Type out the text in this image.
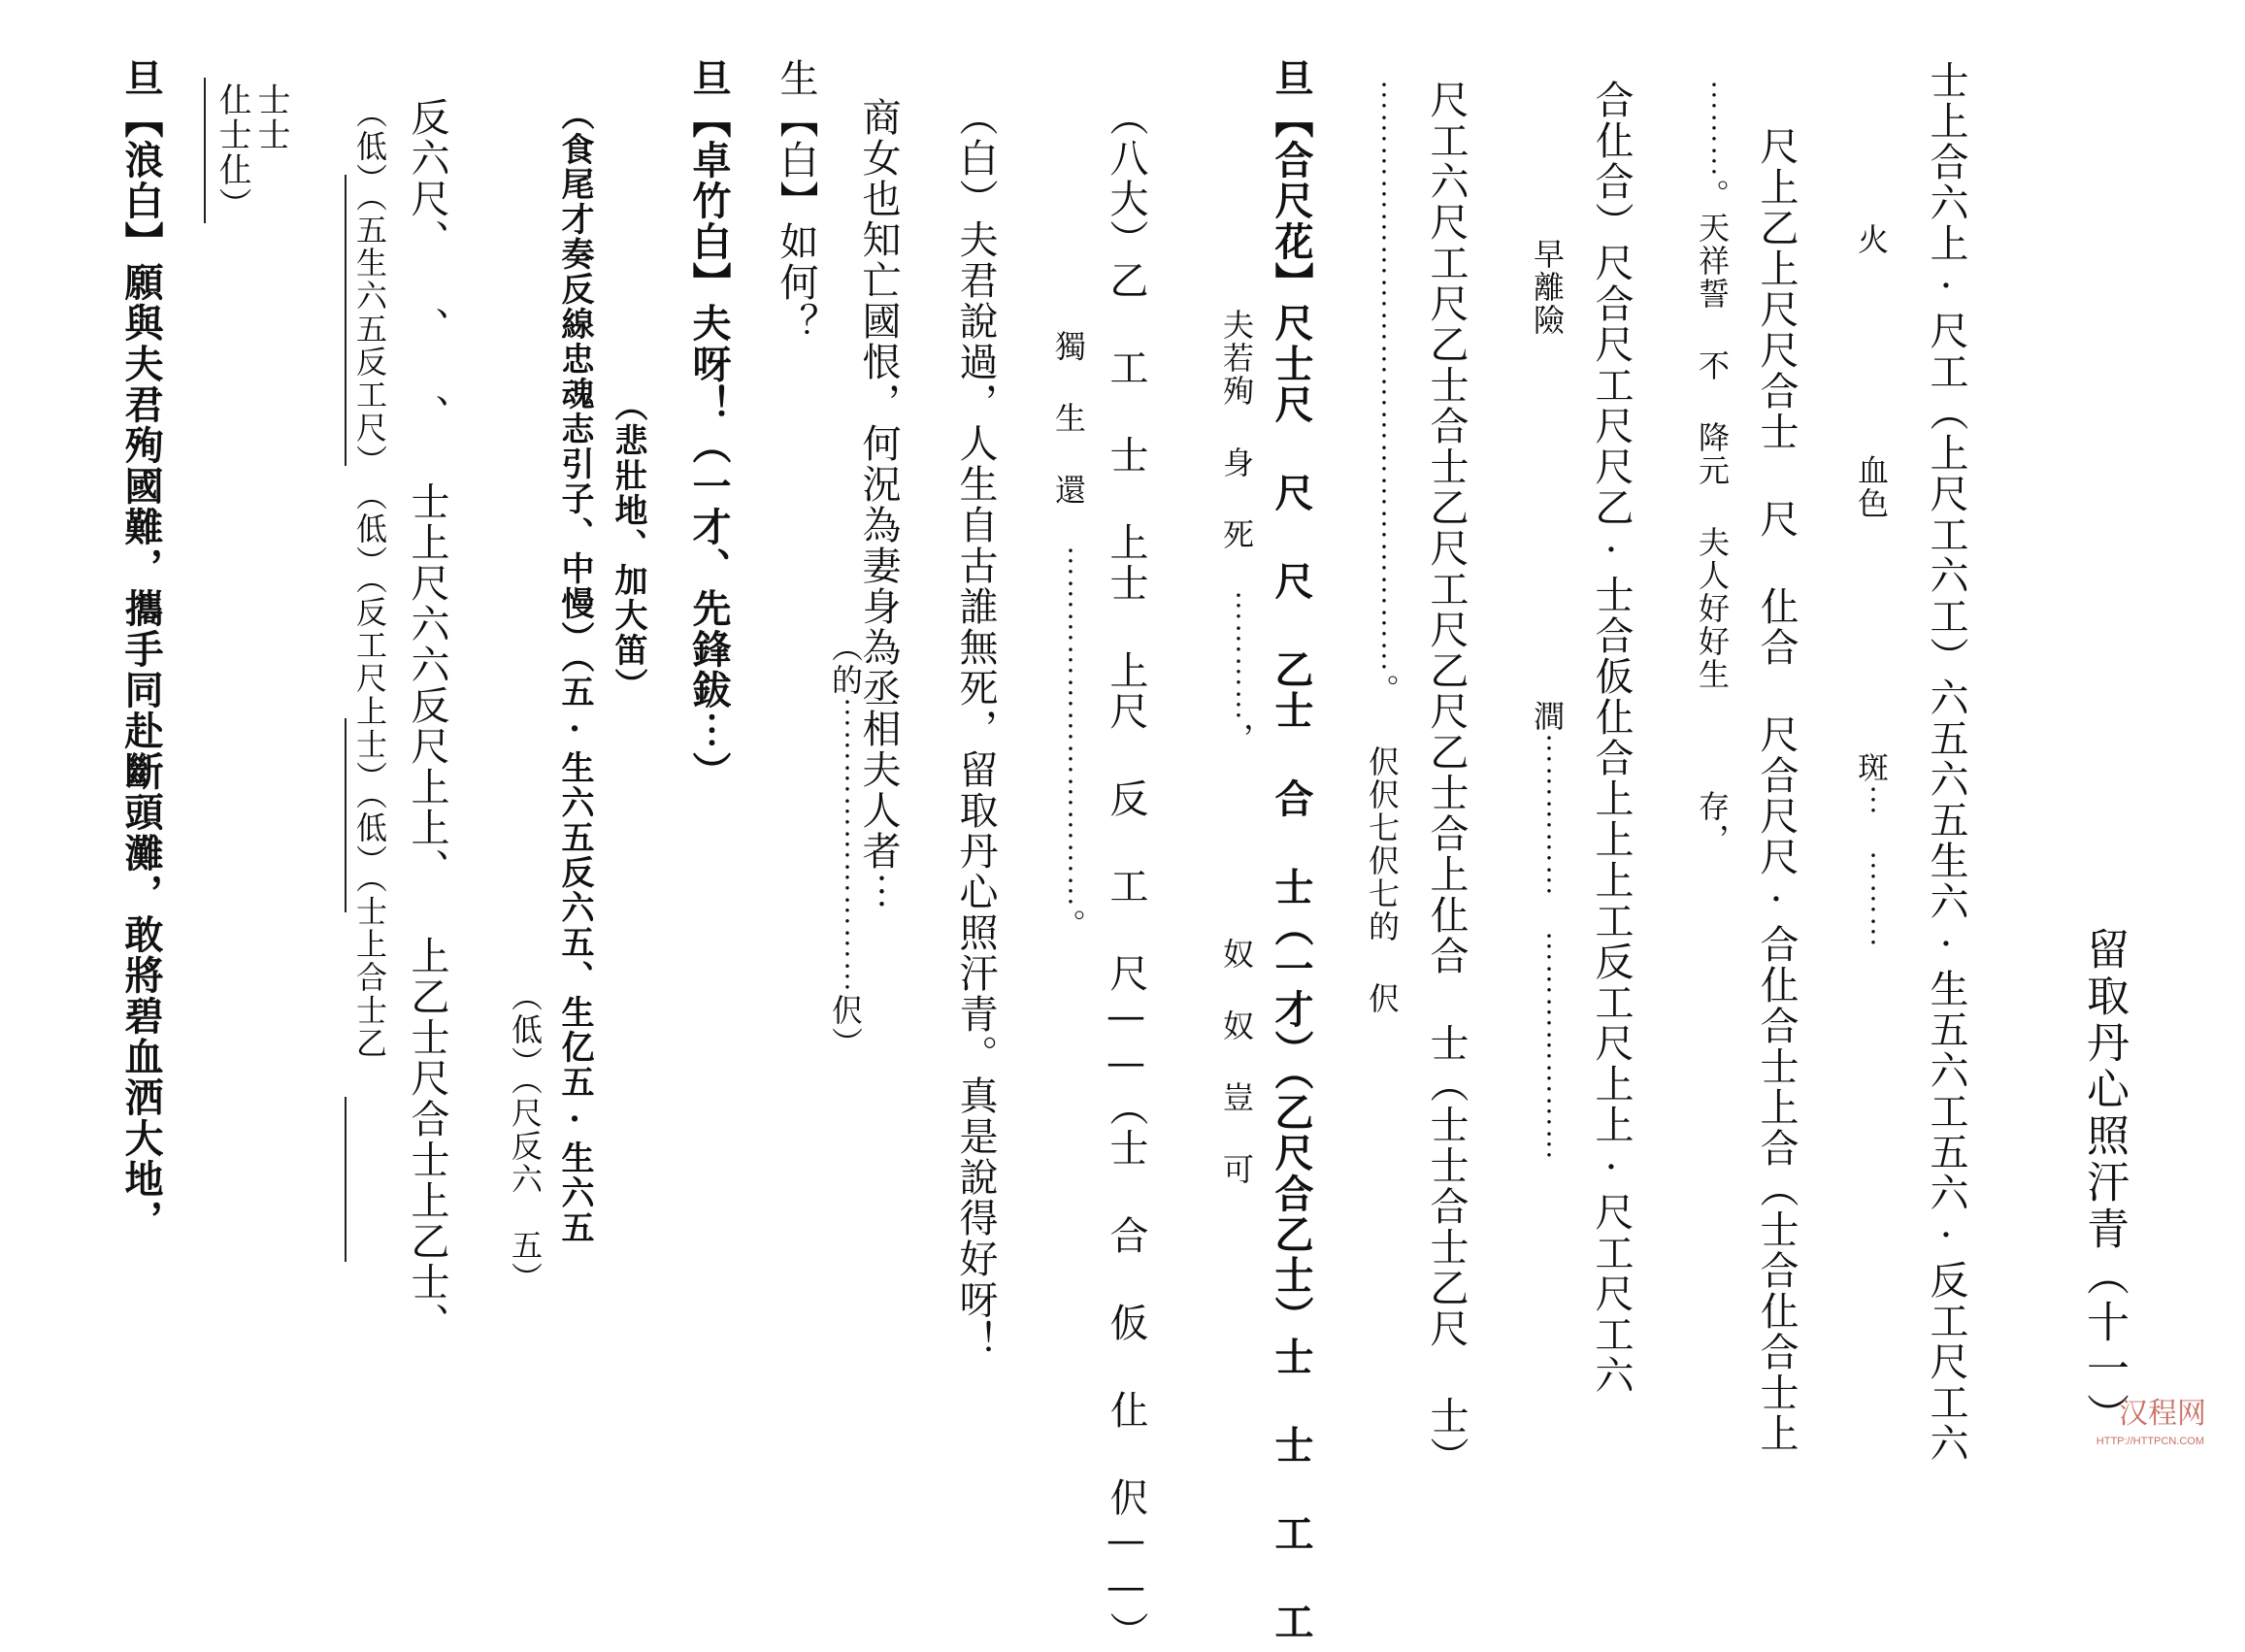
留取丹心照汗青（十一）
士上合六上·尺工（上尺工六工）六五六五生六·生五六工五六·反工尺工六
火　　　　　　血色　　　　　　　斑⋯　⋯⋯⋯
尺上乙上尺尺合士 尺 仩合 尺合尺尺·合仩合士上合（士合仩合士上
⋯⋯⋯。天祥誓 不 降元 夫人好好生　　　存，
合仩合）尺合尺工尺尺乙·士合仮仩合上上上工反工尺上上·尺工尺工六
早離險　　　　　　　　　　　澗⋯⋯⋯⋯⋯　⋯⋯⋯⋯⋯⋯⋯
尺工六尺工尺乙士合士乙尺工尺乙尺乙士合上仩合 士（士士合士乙尺 士）
⋯⋯⋯⋯⋯⋯⋯⋯⋯⋯⋯⋯⋯⋯⋯⋯⋯⋯。 伬伬七伬七的 伬
旦【合尺花】尺士尺 尺 尺 乙士 合 士（一才）（乙尺合乙士）士 士 工 工
夫若殉 身 死 ⋯⋯⋯⋯，　　　　　　奴 奴 豈 可
（八大）乙 工 士 上士 上尺 反 工 尺——（士 合 仮 仩 伬——）
獨 生 還 ⋯⋯⋯⋯⋯⋯⋯⋯⋯⋯⋯。
（白）夫君說過，人生自古誰無死，留取丹心照汗青。真是說得好呀！
商女也知亡國恨，何況為妻身為丞相夫人者⋯
（的⋯⋯⋯⋯⋯⋯⋯⋯⋯伬）
生【白】如何？
旦【卓竹白】夫呀！（一才、先鋒鈸⋯）
（悲壯地、加大笛）
（食尾才奏反線忠魂志引子、中慢）（五·生六五反六五、生亿五·生六五
（低）（尺反六　五）
反六尺、 、 、 士上尺六六反尺上上、 上乙士尺合士上乙士、
（低）（五生六五反工尺）　（低）（反工尺上士）（低）（士上合士乙
士士
仩士仩）
旦【浪白】願與夫君殉國難，攜手同赴斷頭灘，敢將碧血洒大地，
汉程网
HTTP://HTTPCN.COM
